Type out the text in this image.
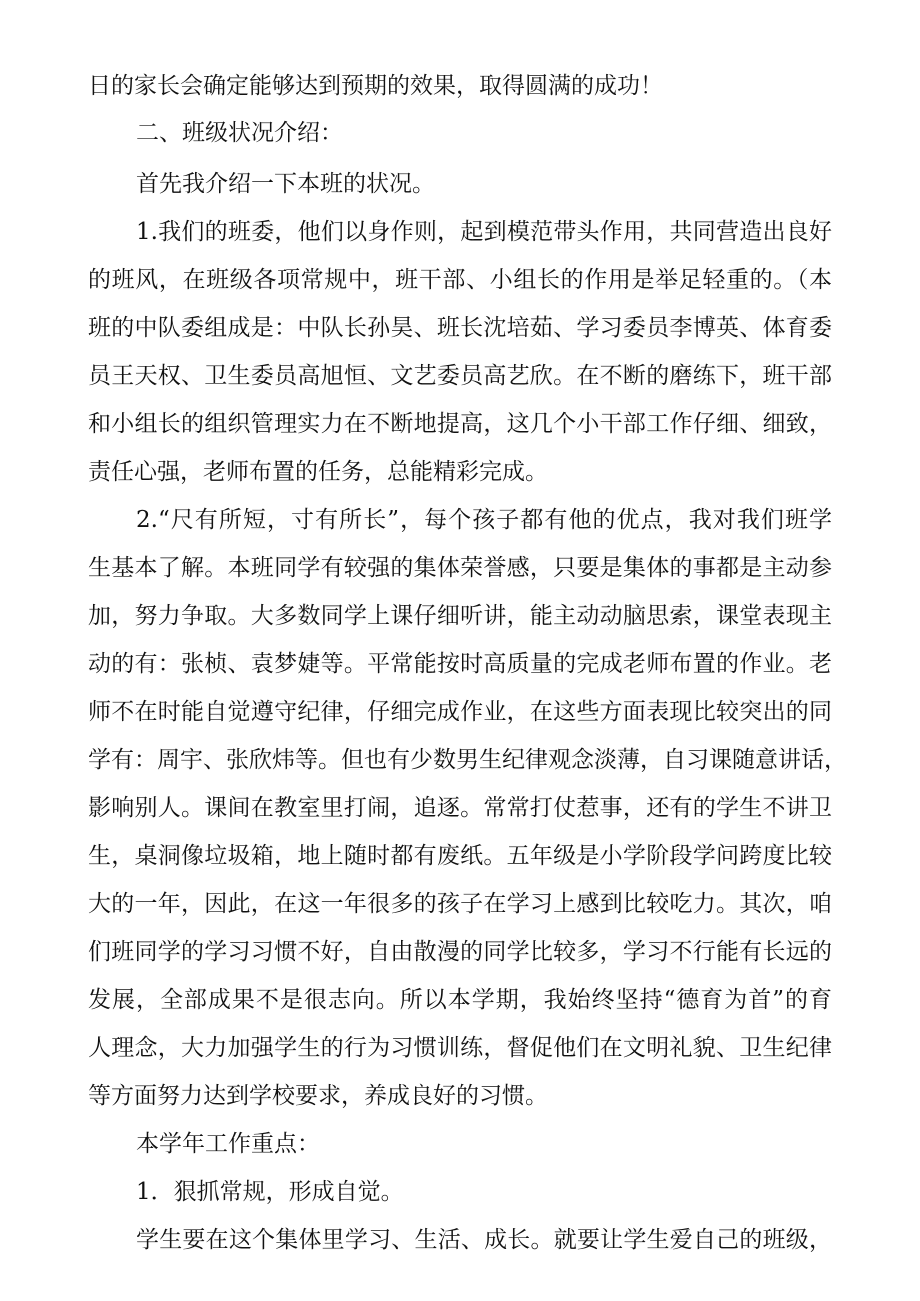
日的家长会确定能够达到预期的效果，取得圆满的成功！
二、班级状况介绍：
首先我介绍一下本班的状况。
1.我们的班委，他们以身作则，起到模范带头作用，共同营造出良好
的班风，在班级各项常规中，班干部、小组长的作用是举足轻重的。（本
班的中队委组成是：中队长孙昊、班长沈培茹、学习委员李博英、体育委
员王天权、卫生委员高旭恒、文艺委员高艺欣。在不断的磨练下，班干部
和小组长的组织管理实力在不断地提高，这几个小干部工作仔细、细致，
责任心强，老师布置的任务，总能精彩完成。
2.“尺有所短，寸有所长”，每个孩子都有他的优点，我对我们班学
生基本了解。本班同学有较强的集体荣誉感，只要是集体的事都是主动参
加，努力争取。大多数同学上课仔细听讲，能主动动脑思索，课堂表现主
动的有：张桢、袁梦婕等。平常能按时高质量的完成老师布置的作业。老
师不在时能自觉遵守纪律，仔细完成作业，在这些方面表现比较突出的同
学有：周宇、张欣炜等。但也有少数男生纪律观念淡薄，自习课随意讲话，
影响别人。课间在教室里打闹，追逐。常常打仗惹事，还有的学生不讲卫
生，桌洞像垃圾箱，地上随时都有废纸。五年级是小学阶段学问跨度比较
大的一年，因此，在这一年很多的孩子在学习上感到比较吃力。其次，咱
们班同学的学习习惯不好，自由散漫的同学比较多，学习不行能有长远的
发展，全部成果不是很志向。所以本学期，我始终坚持“德育为首”的育
人理念，大力加强学生的行为习惯训练，督促他们在文明礼貌、卫生纪律
等方面努力达到学校要求，养成良好的习惯。
本学年工作重点：
1．狠抓常规，形成自觉。
学生要在这个集体里学习、生活、成长。就要让学生爱自己的班级，
